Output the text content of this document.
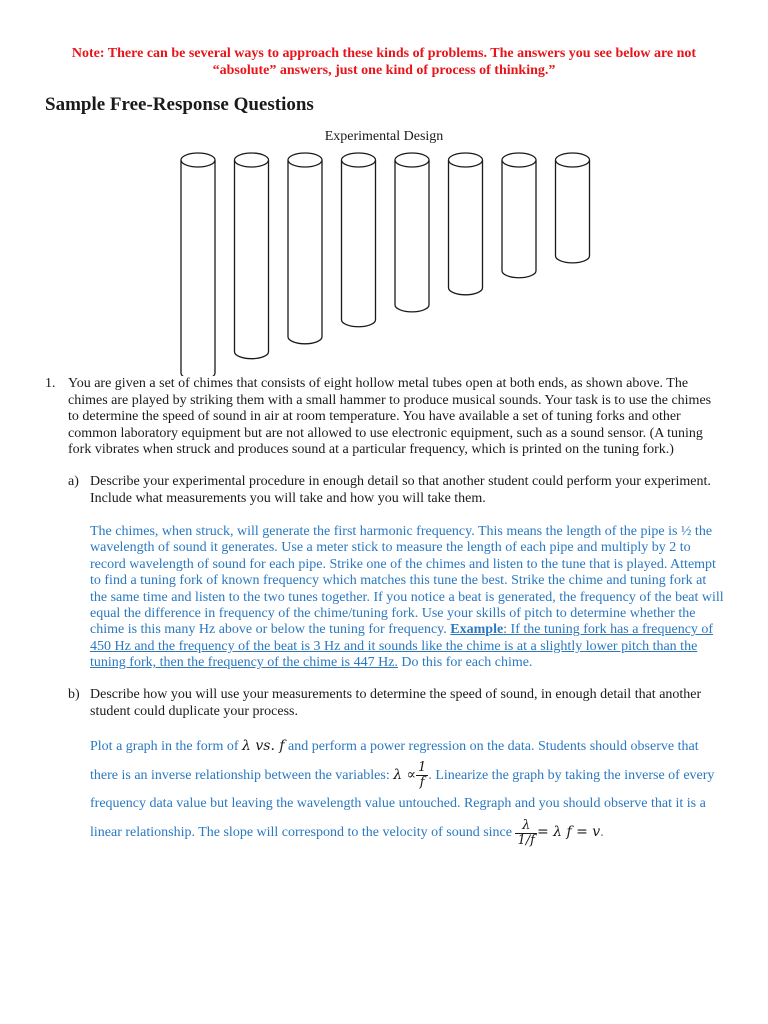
Note: There can be several ways to approach these kinds of problems. The answers you see below are not “absolute” answers, just one kind of process of thinking.”
Sample Free-Response Questions
Experimental Design
1. You are given a set of chimes that consists of eight hollow metal tubes open at both ends, as shown above. The chimes are played by striking them with a small hammer to produce musical sounds. Your task is to use the chimes to determine the speed of sound in air at room temperature. You have available a set of tuning forks and other common laboratory equipment but are not allowed to use electronic equipment, such as a sound sensor. (A tuning fork vibrates when struck and produces sound at a particular frequency, which is printed on the tuning fork.)
a) Describe your experimental procedure in enough detail so that another student could perform your experiment. Include what measurements you will take and how you will take them.
The chimes, when struck, will generate the first harmonic frequency. This means the length of the pipe is ½ the wavelength of sound it generates. Use a meter stick to measure the length of each pipe and multiply by 2 to record wavelength of sound for each pipe. Strike one of the chimes and listen to the tune that is played. Attempt to find a tuning fork of known frequency which matches this tune the best. Strike the chime and tuning fork at the same time and listen to the two tunes together. If you notice a beat is generated, the frequency of the beat will equal the difference in frequency of the chime/tuning fork. Use your skills of pitch to determine whether the chime is this many Hz above or below the tuning for frequency. Example: If the tuning fork has a frequency of 450 Hz and the frequency of the beat is 3 Hz and it sounds like the chime is at a slightly lower pitch than the tuning fork, then the frequency of the chime is 447 Hz. Do this for each chime.
b) Describe how you will use your measurements to determine the speed of sound, in enough detail that another student could duplicate your process.
Plot a graph in the form of λ vs. f and perform a power regression on the data. Students should observe that there is an inverse relationship between the variables: $\lambda \propto \frac{1}{f}$ . Linearize the graph by taking the inverse of every frequency data value but leaving the wavelength value untouched. Regraph and you should observe that it is a linear relationship. The slope will correspond to the velocity of sound since $\frac{\lambda}{1/f} = \lambda$ f = v.
